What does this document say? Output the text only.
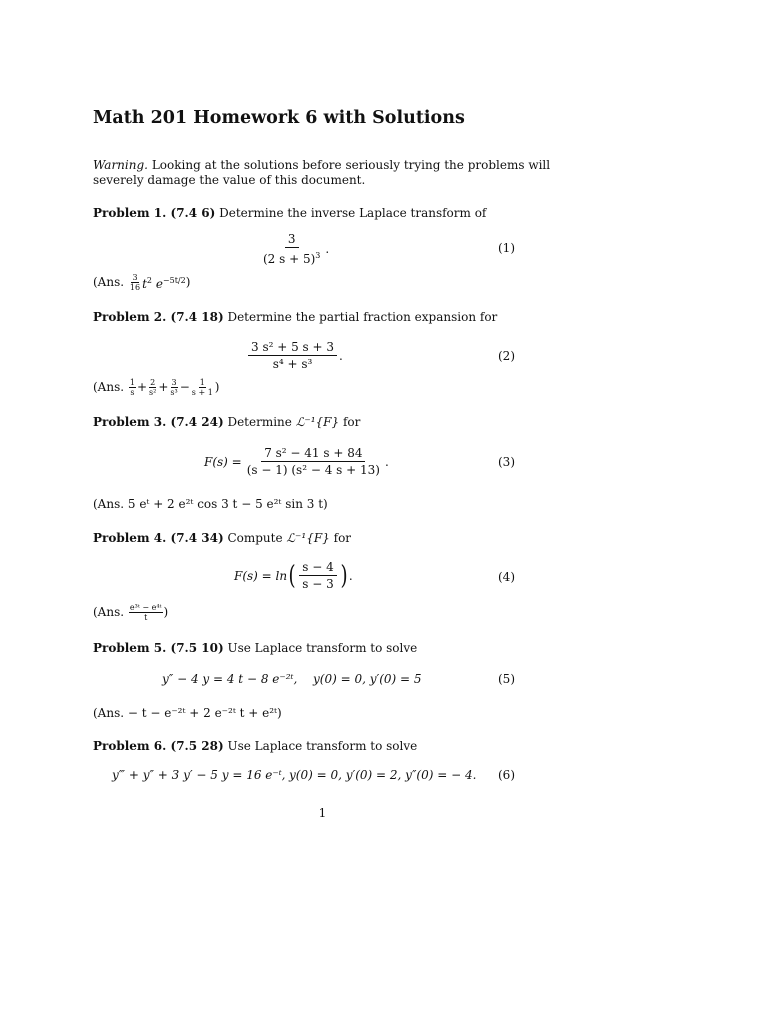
Math 201 Homework 6 with Solutions
Warning. Looking at the solutions before seriously trying the problems will
severely damage the value of this document.
Problem 1. (7.4 6) Determine the inverse Laplace transform of
$\frac{3}{(2 s + 5)^3}$ .	(1)
(Ans.
$\frac{3}{16} t^2$ $e^{-5t/2}$ )
Problem 2. (7.4 18) Determine the partial fraction expansion for
$\frac{\text{3 s² + 5 s + 3}}{\text{s⁴ + s³}}$ .	(2)
(Ans.
$\frac{1}{s} + \frac{2}{\text{s²}} + \frac{3}{\text{s³}} - \frac{1}{s + 1}$ )
Problem 3. (7.4 24) Determine ℒ⁻¹{F} for
$F(s) = \frac{\text{7 s² − 41 s + 84}}{\text{(s − 1) (s² − 4 s + 13)}}$ .	(3)
(Ans. 5 eᵗ + 2 e²ᵗ cos 3 t − 5 e²ᵗ sin 3 t)
Problem 4. (7.4 34) Compute ℒ⁻¹{F} for
F(s) = ln ( $\frac{s - 4}{s - 3}$ ) .	(4)
(Ans.
$\frac{\text{e³ᵗ − e⁴ᵗ}}{t}$ )
Problem 5. (7.5 10) Use Laplace transform to solve
y″ − 4 y = 4 t − 8 e⁻²ᵗ, y(0) = 0, y′(0) = 5	(5)
(Ans. − t − e⁻²ᵗ + 2 e⁻²ᵗ t + e²ᵗ)
Problem 6. (7.5 28) Use Laplace transform to solve
y‴ + y″ + 3 y′ − 5 y = 16 e⁻ᵗ, y(0) = 0, y′(0) = 2, y″(0) = − 4. (6)
1
